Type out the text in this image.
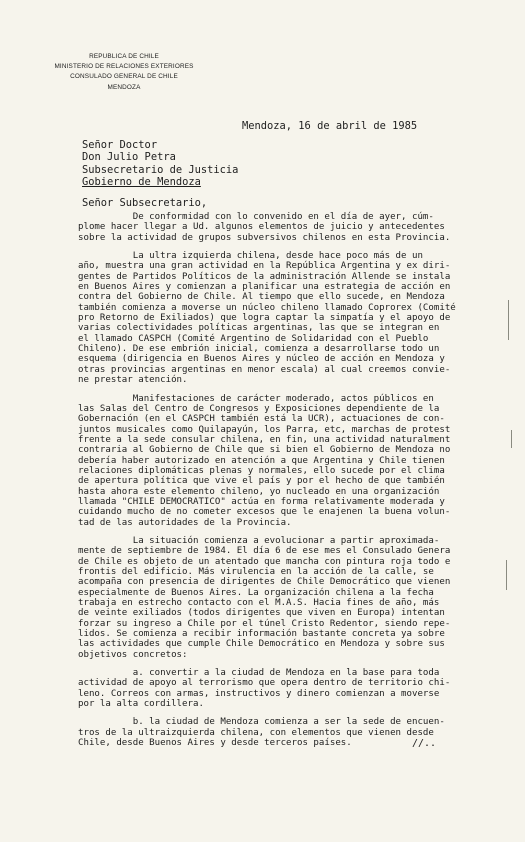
REPUBLICA DE CHILE
MINISTERIO DE RELACIONES EXTERIORES
CONSULADO GENERAL DE CHILE
MENDOZA
Mendoza, 16 de abril de 1985
Señor Doctor
Don Julio Petra
Subsecretario de Justicia
Gobierno de Mendoza
Señor Subsecretario,
De conformidad con lo convenido en el día de ayer, cúm-
plome hacer llegar a Ud. algunos elementos de juicio y antecedentes
sobre la actividad de grupos subversivos chilenos en esta Provincia.
La ultra izquierda chilena, desde hace poco más de un
año, muestra una gran actividad en la República Argentina y ex diri-
gentes de Partidos Políticos de la administración Allende se instala
en Buenos Aires y comienzan a planificar una estrategia de acción en
contra del Gobierno de Chile. Al tiempo que ello sucede, en Mendoza
también comienza a moverse un núcleo chileno llamado Coprorex (Comité
pro Retorno de Exiliados) que logra captar la simpatía y el apoyo de
varias colectividades políticas argentinas, las que se integran en
el llamado CASPCH (Comité Argentino de Solidaridad con el Pueblo
Chileno). De ese embrión inicial, comienza a desarrollarse todo un
esquema (dirigencia en Buenos Aires y núcleo de acción en Mendoza y
otras provincias argentinas en menor escala) al cual creemos convie-
ne prestar atención.
Manifestaciones de carácter moderado, actos públicos en
las Salas del Centro de Congresos y Exposiciones dependiente de la
Gobernación (en el CASPCH también está la UCR), actuaciones de con-
juntos musicales como Quilapayún, los Parra, etc, marchas de protest
frente a la sede consular chilena, en fin, una actividad naturalment
contraria al Gobierno de Chile que si bien el Gobierno de Mendoza no
debería haber autorizado en atención a que Argentina y Chile tienen
relaciones diplomáticas plenas y normales, ello sucede por el clima
de apertura política que vive el país y por el hecho de que también
hasta ahora este elemento chileno, yo nucleado en una organización
llamada "CHILE DEMOCRATICO" actúa en forma relativamente moderada y
cuidando mucho de no cometer excesos que le enajenen la buena volun-
tad de las autoridades de la Provincia.
La situación comienza a evolucionar a partir aproximada-
mente de septiembre de 1984. El día 6 de ese mes el Consulado Genera
de Chile es objeto de un atentado que mancha con pintura roja todo e
frontis del edificio. Más virulencia en la acción de la calle, se
acompaña con presencia de dirigentes de Chile Democrático que vienen
especialmente de Buenos Aires. La organización chilena a la fecha
trabaja en estrecho contacto con el M.A.S. Hacia fines de año, más
de veinte exiliados (todos dirigentes que viven en Europa) intentan
forzar su ingreso a Chile por el túnel Cristo Redentor, siendo repe-
lidos. Se comienza a recibir información bastante concreta ya sobre
las actividades que cumple Chile Democrático en Mendoza y sobre sus
objetivos concretos:
a. convertir a la ciudad de Mendoza en la base para toda
actividad de apoyo al terrorismo que opera dentro de territorio chi-
leno. Correos con armas, instructivos y dinero comienzan a moverse
por la alta cordillera.
b. la ciudad de Mendoza comienza a ser la sede de encuen-
tros de la ultraizquierda chilena, con elementos que vienen desde
Chile, desde Buenos Aires y desde terceros países.	//..
